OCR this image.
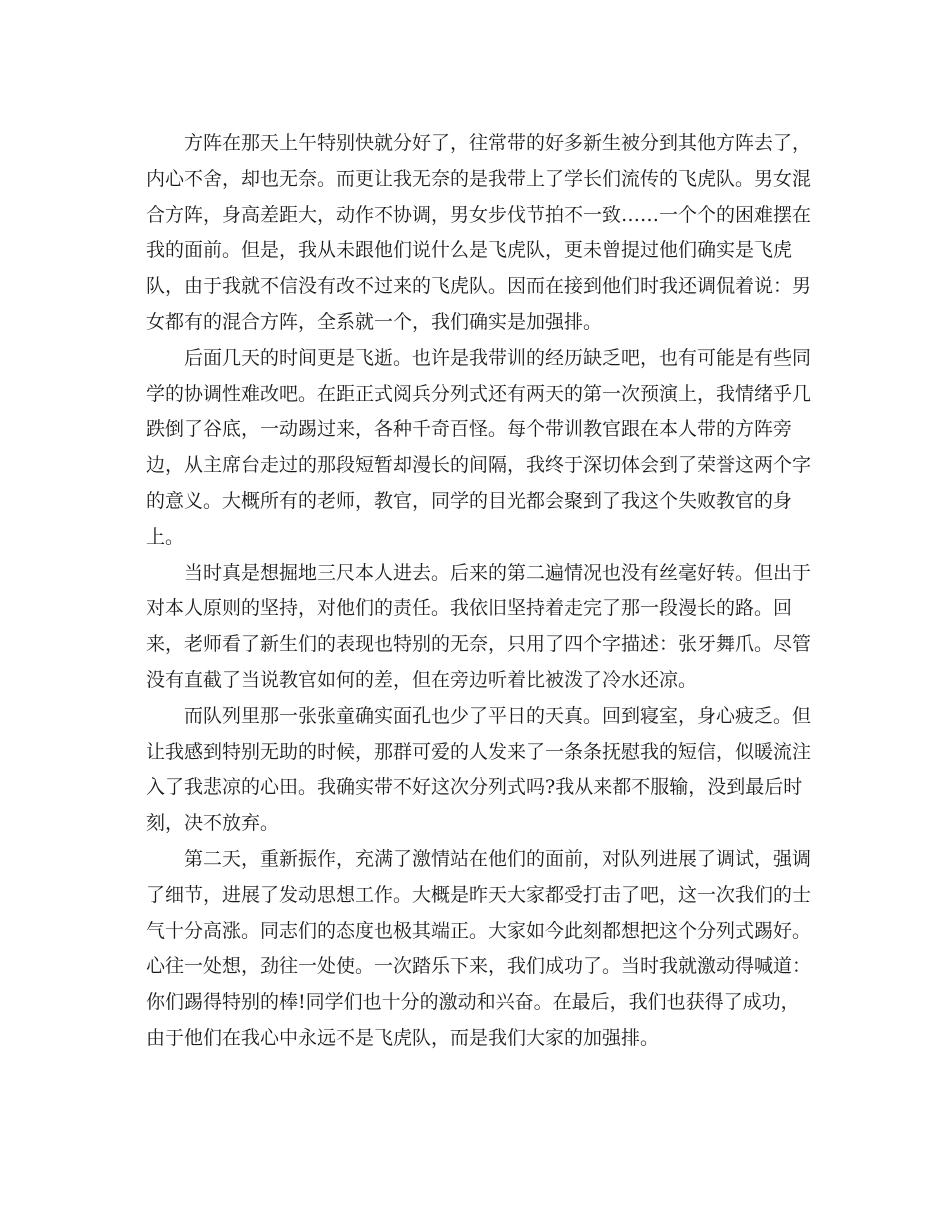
方阵在那天上午特别快就分好了，往常带的好多新生被分到其他方阵去了，
内心不舍，却也无奈。而更让我无奈的是我带上了学长们流传的飞虎队。男女混
合方阵，身高差距大，动作不协调，男女步伐节拍不一致……一个个的困难摆在
我的面前。但是，我从未跟他们说什么是飞虎队，更未曾提过他们确实是飞虎
队，由于我就不信没有改不过来的飞虎队。因而在接到他们时我还调侃着说：男
女都有的混合方阵，全系就一个，我们确实是加强排。
后面几天的时间更是飞逝。也许是我带训的经历缺乏吧，也有可能是有些同
学的协调性难改吧。在距正式阅兵分列式还有两天的第一次预演上，我情绪乎几
跌倒了谷底，一动踢过来，各种千奇百怪。每个带训教官跟在本人带的方阵旁
边，从主席台走过的那段短暂却漫长的间隔，我终于深切体会到了荣誉这两个字
的意义。大概所有的老师，教官，同学的目光都会聚到了我这个失败教官的身
上。
当时真是想掘地三尺本人进去。后来的第二遍情况也没有丝毫好转。但出于
对本人原则的坚持，对他们的责任。我依旧坚持着走完了那一段漫长的路。回
来，老师看了新生们的表现也特别的无奈，只用了四个字描述：张牙舞爪。尽管
没有直截了当说教官如何的差，但在旁边听着比被泼了冷水还凉。
而队列里那一张张童确实面孔也少了平日的天真。回到寝室，身心疲乏。但
让我感到特别无助的时候，那群可爱的人发来了一条条抚慰我的短信，似暖流注
入了我悲凉的心田。我确实带不好这次分列式吗?我从来都不服输，没到最后时
刻，决不放弃。
第二天，重新振作，充满了激情站在他们的面前，对队列进展了调试，强调
了细节，进展了发动思想工作。大概是昨天大家都受打击了吧，这一次我们的士
气十分高涨。同志们的态度也极其端正。大家如今此刻都想把这个分列式踢好。
心往一处想，劲往一处使。一次踏乐下来，我们成功了。当时我就激动得喊道：
你们踢得特别的棒!同学们也十分的激动和兴奋。在最后，我们也获得了成功，
由于他们在我心中永远不是飞虎队，而是我们大家的加强排。
